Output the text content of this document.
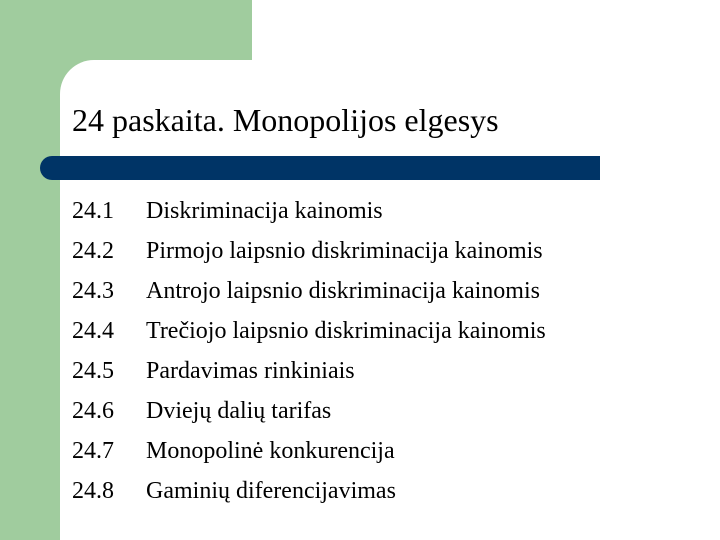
24 paskaita. Monopolijos elgesys
24.1 Diskriminacija kainomis
24.2 Pirmojo laipsnio diskriminacija kainomis
24.3 Antrojo laipsnio diskriminacija kainomis
24.4 Trečiojo laipsnio diskriminacija kainomis
24.5 Pardavimas rinkiniais
24.6 Dviejų dalių tarifas
24.7 Monopolinė konkurencija
24.8 Gaminių diferencijavimas
